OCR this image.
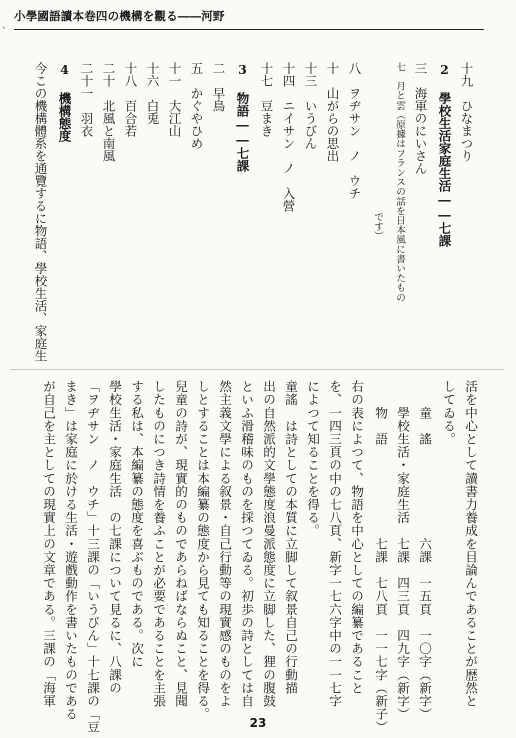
、
小學國語讀本卷四の機構を觀る――河野
十九　ひなまつり
2 學校生活家庭生活――七課
三　海軍のにいさん
七　月と雲（原據はフランスの話を日本風に書いたもの
です）
八　ヲヂサン　ノ　ウチ
十　山がらの思出
十三　いうびん
十四　ニイサン　ノ　入營
十七　豆まき
3 物語――七課
二　早鳥
五　かぐやひめ
十一　大江山
十六　白兎
十八　百合若
二十　北風と南風
二十一　羽衣
4 機構態度
今この機構體系を通覽するに物語、學校生活、家庭生
活を中心として讀書力養成を目論んであることが歴然と
してゐる。
　　童　謠　　　　　　　六課　一五頁　一〇字（新字）
　　學校生活・家庭生活　七課　四三頁　四九字（新字）
　　物　語　　　　　　　七課　七八頁　一一七字（新子）
右の表によつて、物語を中心としての編纂であること
を、一四三頁の中の七八頁、新字一七六字中の一一七字
によつて知ることを得る。
童謠　は詩としての本質に立脚して叙景自己の行動描
出の自然派的文學態度浪曼派態度に立脚した、狸の腹鼓
といふ滑稽味のものを採つてゐる。初歩の詩としては自
然主義文學による叙景・自己行動等の現實感のものをよ
しとすることは本編纂の態度から見ても知ることを得る。
兒童の詩が、現實的のものであらねばならぬこと、見聞
したものにつき詩情を養ふことが必要であることを主張
する私は、本編纂の態度を喜ぶものである。次に
學校生活・家庭生活　の七課について見るに、八課の
「ヲヂサン　ノ　ウチ」十三課の「いうびん」十七課の「豆
まき」は家庭に於ける生活・遊戲動作を書いたものである
が自己を主としての現實上の文章である。三課の「海軍
23
